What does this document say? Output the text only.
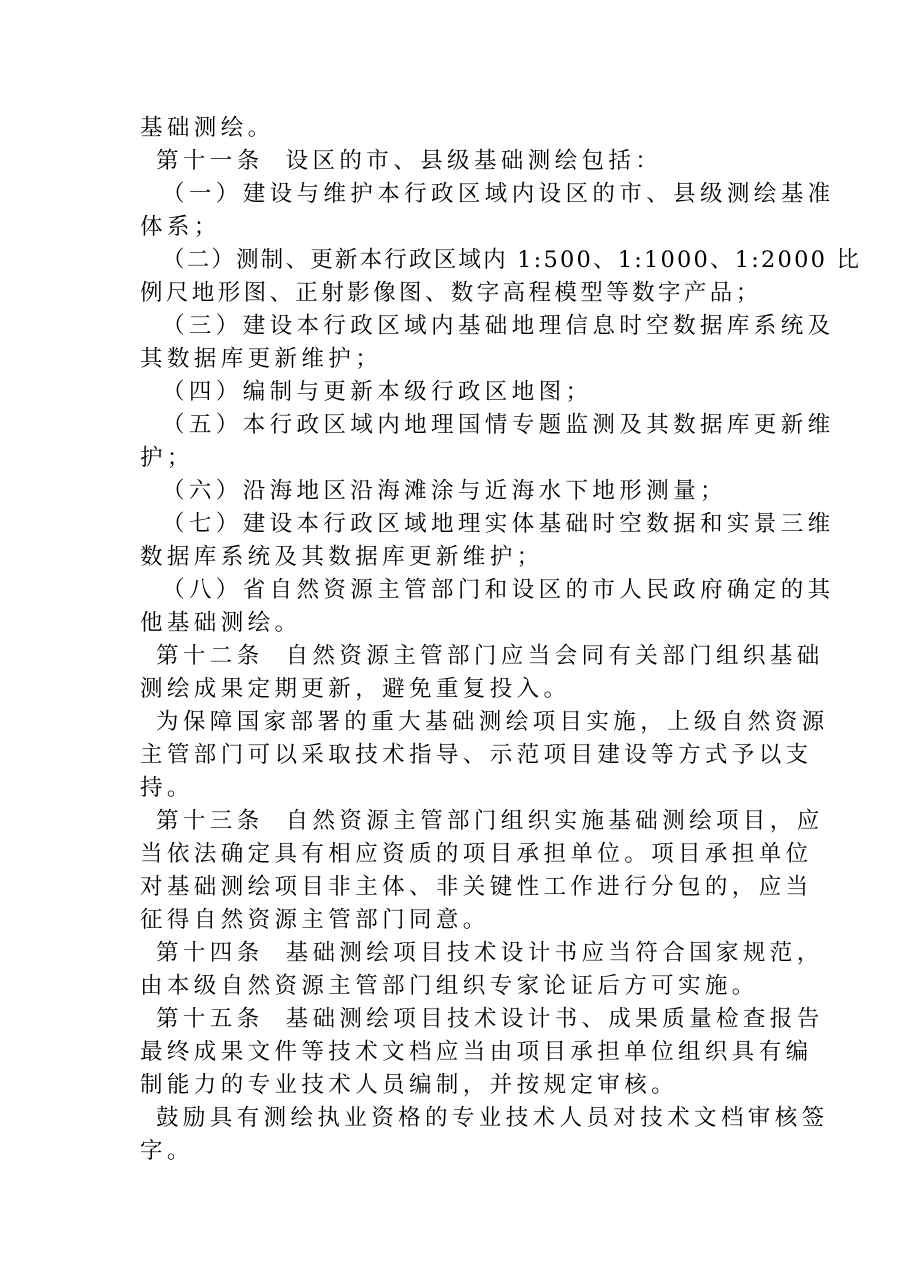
基础测绘。
第十一条 设区的市、县级基础测绘包括：
（一）建设与维护本行政区域内设区的市、县级测绘基准
体系；
（二）测制、更新本行政区域内 1:500、1:1000、1:2000 比
例尺地形图、正射影像图、数字高程模型等数字产品；
（三）建设本行政区域内基础地理信息时空数据库系统及
其数据库更新维护；
（四）编制与更新本级行政区地图；
（五）本行政区域内地理国情专题监测及其数据库更新维
护；
（六）沿海地区沿海滩涂与近海水下地形测量；
（七）建设本行政区域地理实体基础时空数据和实景三维
数据库系统及其数据库更新维护；
（八）省自然资源主管部门和设区的市人民政府确定的其
他基础测绘。
第十二条 自然资源主管部门应当会同有关部门组织基础
测绘成果定期更新，避免重复投入。
为保障国家部署的重大基础测绘项目实施，上级自然资源
主管部门可以采取技术指导、示范项目建设等方式予以支
持。
第十三条 自然资源主管部门组织实施基础测绘项目，应
当依法确定具有相应资质的项目承担单位。项目承担单位
对基础测绘项目非主体、非关键性工作进行分包的，应当
征得自然资源主管部门同意。
第十四条 基础测绘项目技术设计书应当符合国家规范，
由本级自然资源主管部门组织专家论证后方可实施。
第十五条 基础测绘项目技术设计书、成果质量检查报告
最终成果文件等技术文档应当由项目承担单位组织具有编
制能力的专业技术人员编制，并按规定审核。
鼓励具有测绘执业资格的专业技术人员对技术文档审核签
字。
